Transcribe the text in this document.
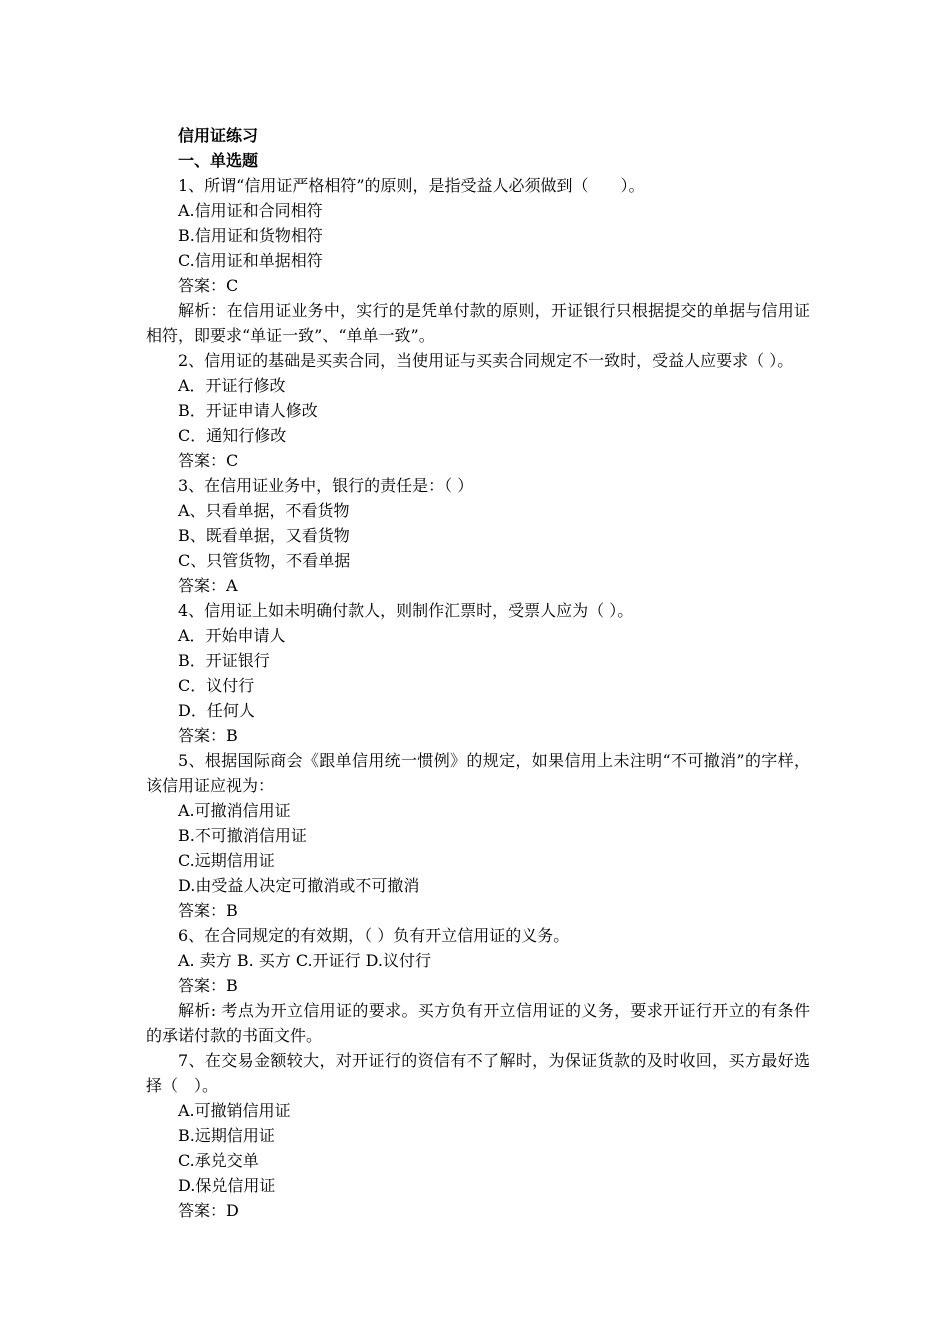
信用证练习
一、单选题
1、所谓“信用证严格相符”的原则，是指受益人必须做到（　　）。
A.信用证和合同相符
B.信用证和货物相符
C.信用证和单据相符
答案：C
解析：在信用证业务中，实行的是凭单付款的原则，开证银行只根据提交的单据与信用证相符，即要求“单证一致”、“单单一致”。
2、信用证的基础是买卖合同，当使用证与买卖合同规定不一致时，受益人应要求（ ）。
A．开证行修改
B．开证申请人修改
C．通知行修改
答案：C
3、在信用证业务中，银行的责任是：（ ）
A、只看单据，不看货物
B、既看单据，又看货物
C、只管货物，不看单据
答案：A
4、信用证上如未明确付款人，则制作汇票时，受票人应为（ ）。
A．开始申请人
B．开证银行
C．议付行
D．任何人
答案：B
5、根据国际商会《跟单信用统一惯例》的规定，如果信用上未注明“不可撤消”的字样，该信用证应视为：
A.可撤消信用证
B.不可撤消信用证
C.远期信用证
D.由受益人决定可撤消或不可撤消
答案：B
6、在合同规定的有效期，（ ）负有开立信用证的义务。
A. 卖方 B. 买方 C.开证行 D.议付行
答案：B
解析: 考点为开立信用证的要求。买方负有开立信用证的义务，要求开证行开立的有条件的承诺付款的书面文件。
7、在交易金额较大，对开证行的资信有不了解时，为保证货款的及时收回，买方最好选择（　）。
A.可撤销信用证
B.远期信用证
C.承兑交单
D.保兑信用证
答案：D
